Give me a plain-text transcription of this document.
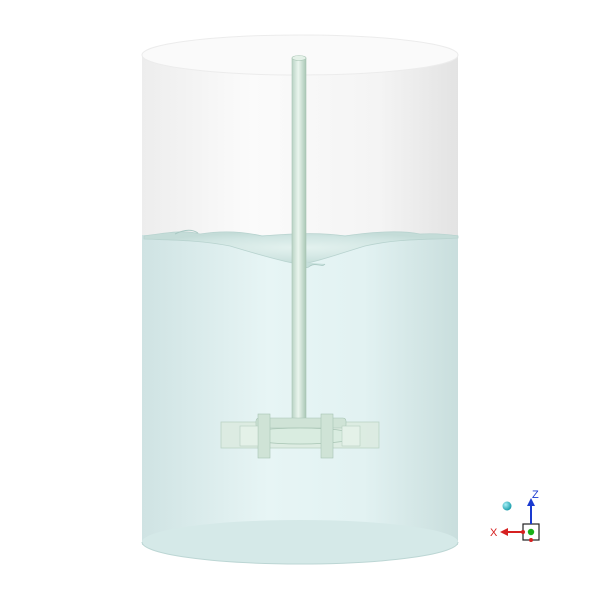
Z
X
